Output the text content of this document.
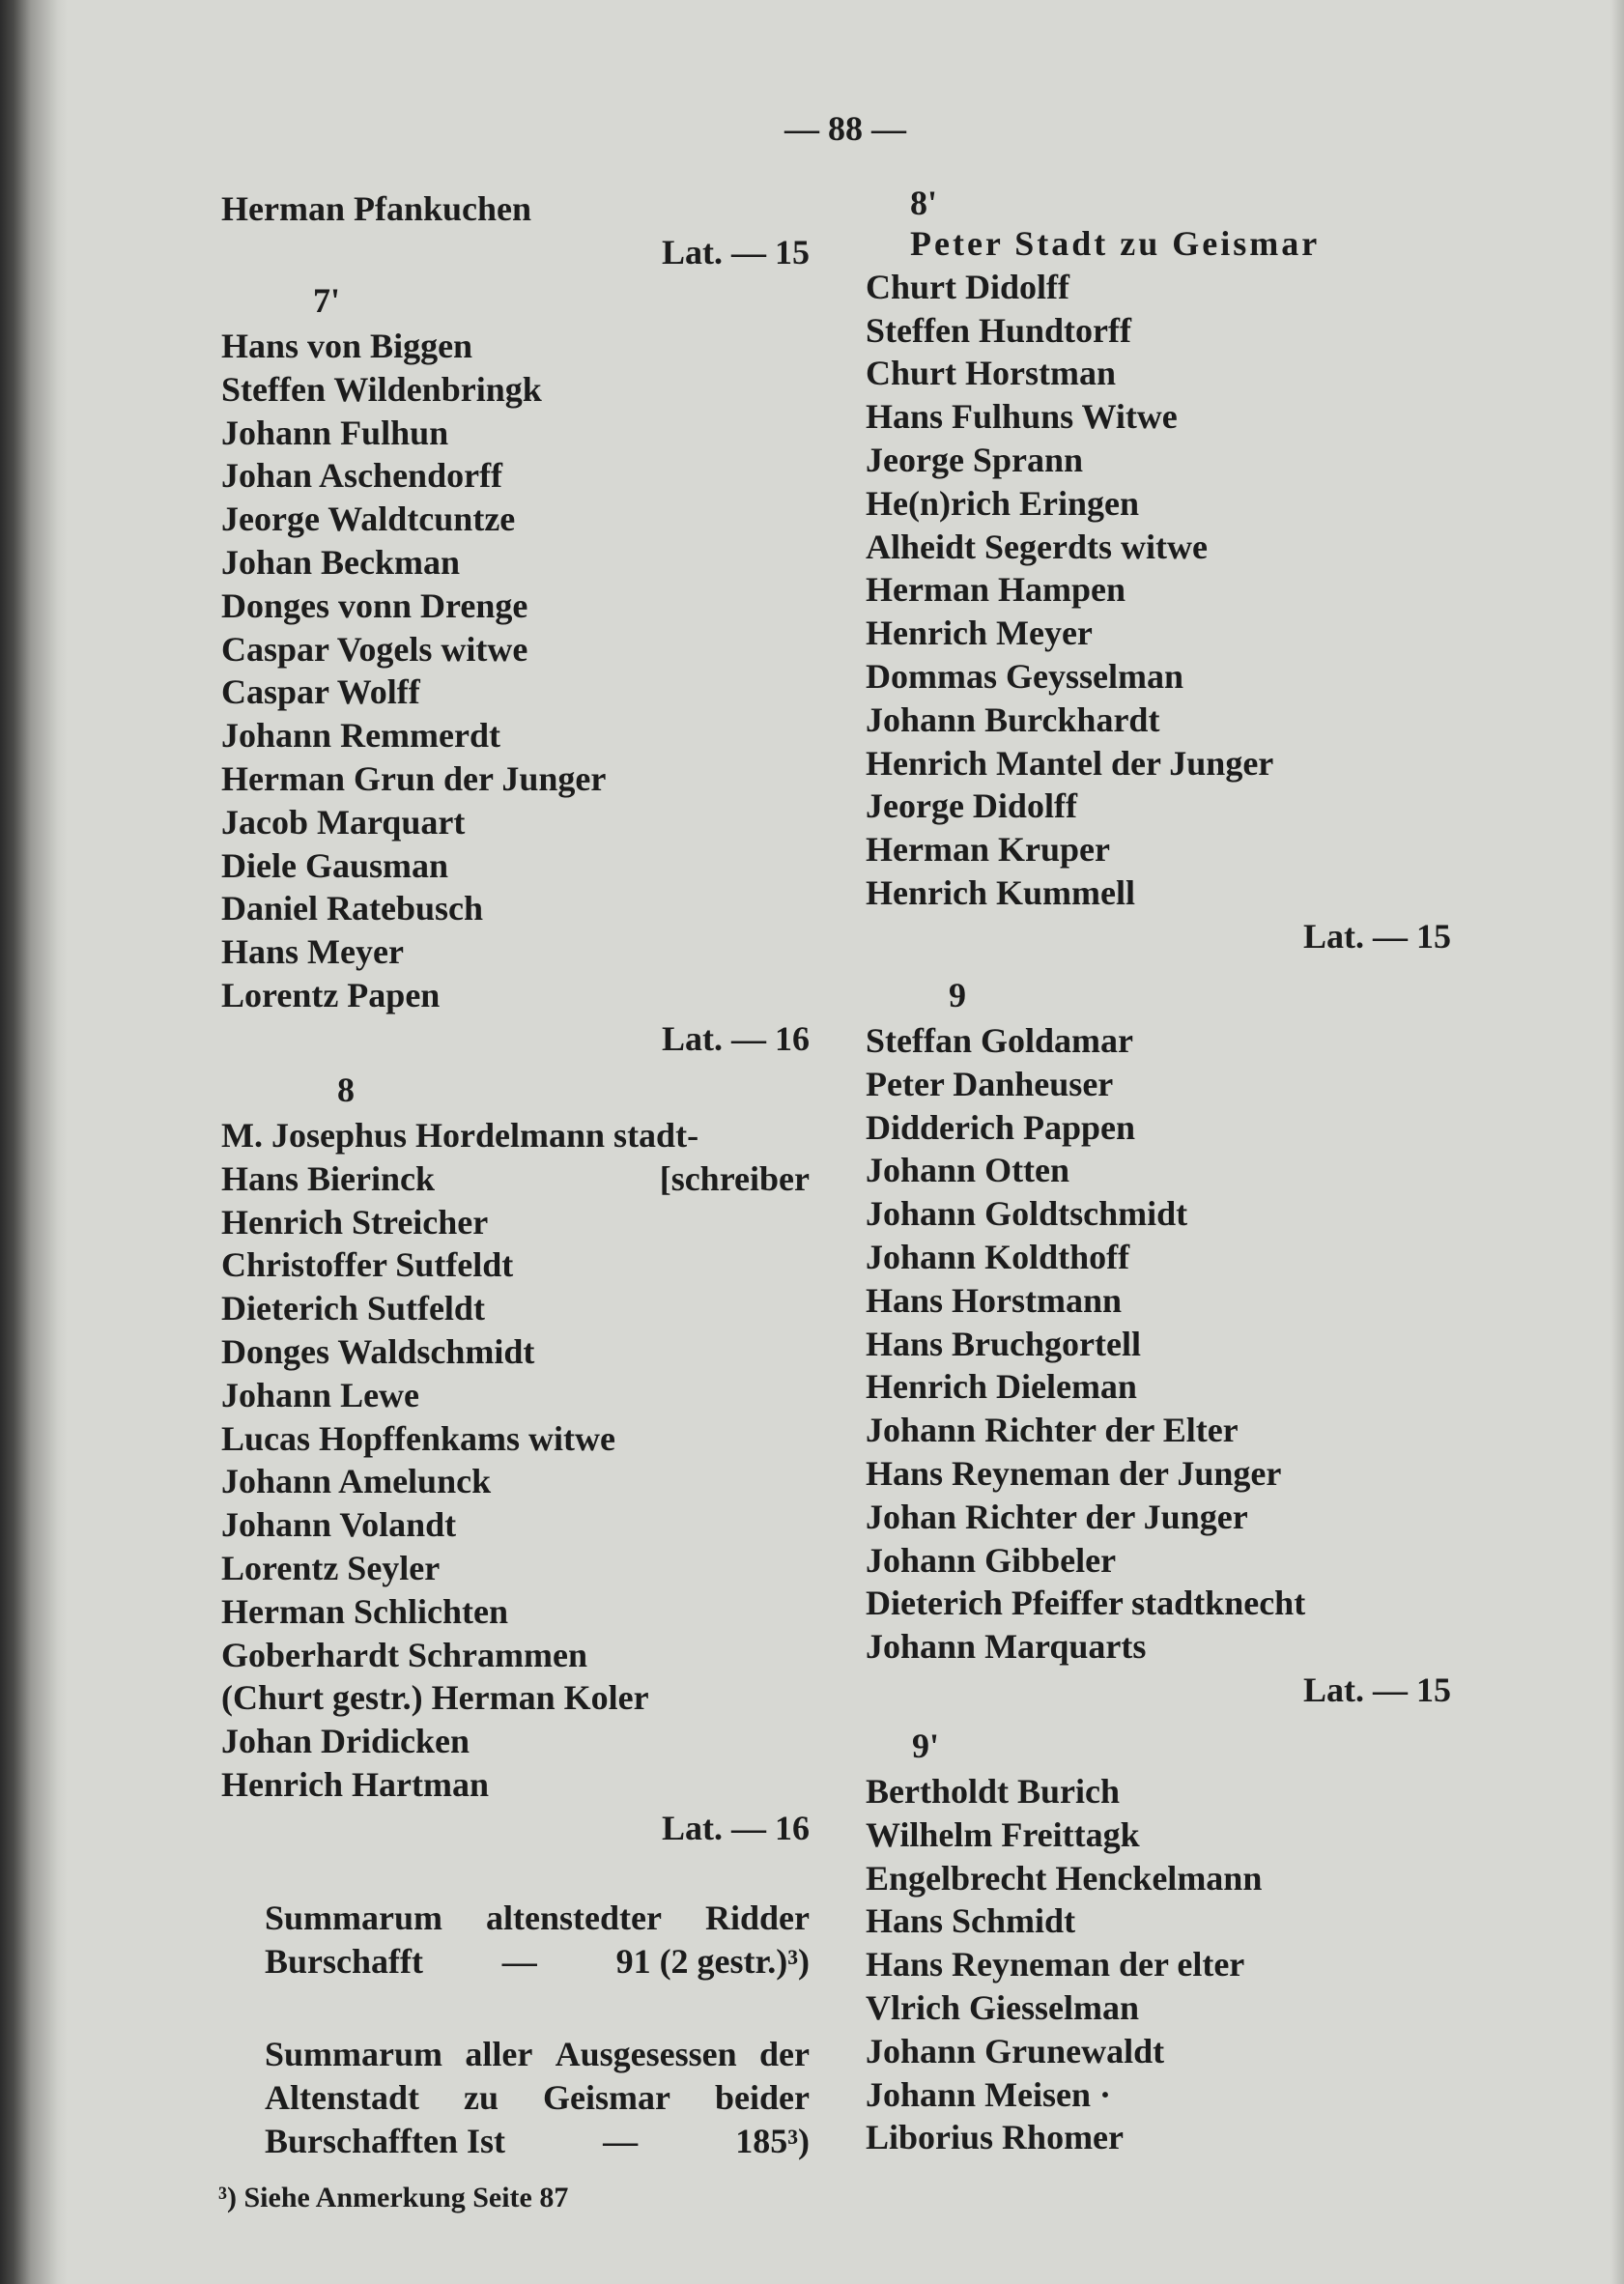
— 88 —
Herman Pfankuchen
Lat. — 15
7'
Hans von Biggen
Steffen Wildenbringk
Johann Fulhun
Johan Aschendorff
Jeorge Waldtcuntze
Johan Beckman
Donges vonn Drenge
Caspar Vogels witwe
Caspar Wolff
Johann Remmerdt
Herman Grun der Junger
Jacob Marquart
Diele Gausman
Daniel Ratebusch
Hans Meyer
Lorentz Papen
Lat. — 16
8
M. Josephus Hordelmann stadt-
Hans Bierinck	[schreiber
Henrich Streicher
Christoffer Sutfeldt
Dieterich Sutfeldt
Donges Waldschmidt
Johann Lewe
Lucas Hopffenkams witwe
Johann Amelunck
Johann Volandt
Lorentz Seyler
Herman Schlichten
Goberhardt Schrammen
(Churt gestr.) Herman Koler
Johan Dridicken
Henrich Hartman
Lat. — 16
Summarum altenstedter Ridder
Burschafft — 91 (2 gestr.)³)
Summarum aller Ausgesessen der
Altenstadt zu Geismar beider
Burschafften Ist	—	185³)
³) Siehe Anmerkung Seite 87
8'
Peter Stadt zu Geismar
Churt Didolff
Steffen Hundtorff
Churt Horstman
Hans Fulhuns Witwe
Jeorge Sprann
He(n)rich Eringen
Alheidt Segerdts witwe
Herman Hampen
Henrich Meyer
Dommas Geysselman
Johann Burckhardt
Henrich Mantel der Junger
Jeorge Didolff
Herman Kruper
Henrich Kummell
Lat. — 15
9
Steffan Goldamar
Peter Danheuser
Didderich Pappen
Johann Otten
Johann Goldtschmidt
Johann Koldthoff
Hans Horstmann
Hans Bruchgortell
Henrich Dieleman
Johann Richter der Elter
Hans Reyneman der Junger
Johan Richter der Junger
Johann Gibbeler
Dieterich Pfeiffer stadtknecht
Johann Marquarts
Lat. — 15
9'
Bertholdt Burich
Wilhelm Freittagk
Engelbrecht Henckelmann
Hans Schmidt
Hans Reyneman der elter
Vlrich Giesselman
Johann Grunewaldt
Johann Meisen ·
Liborius Rhomer
